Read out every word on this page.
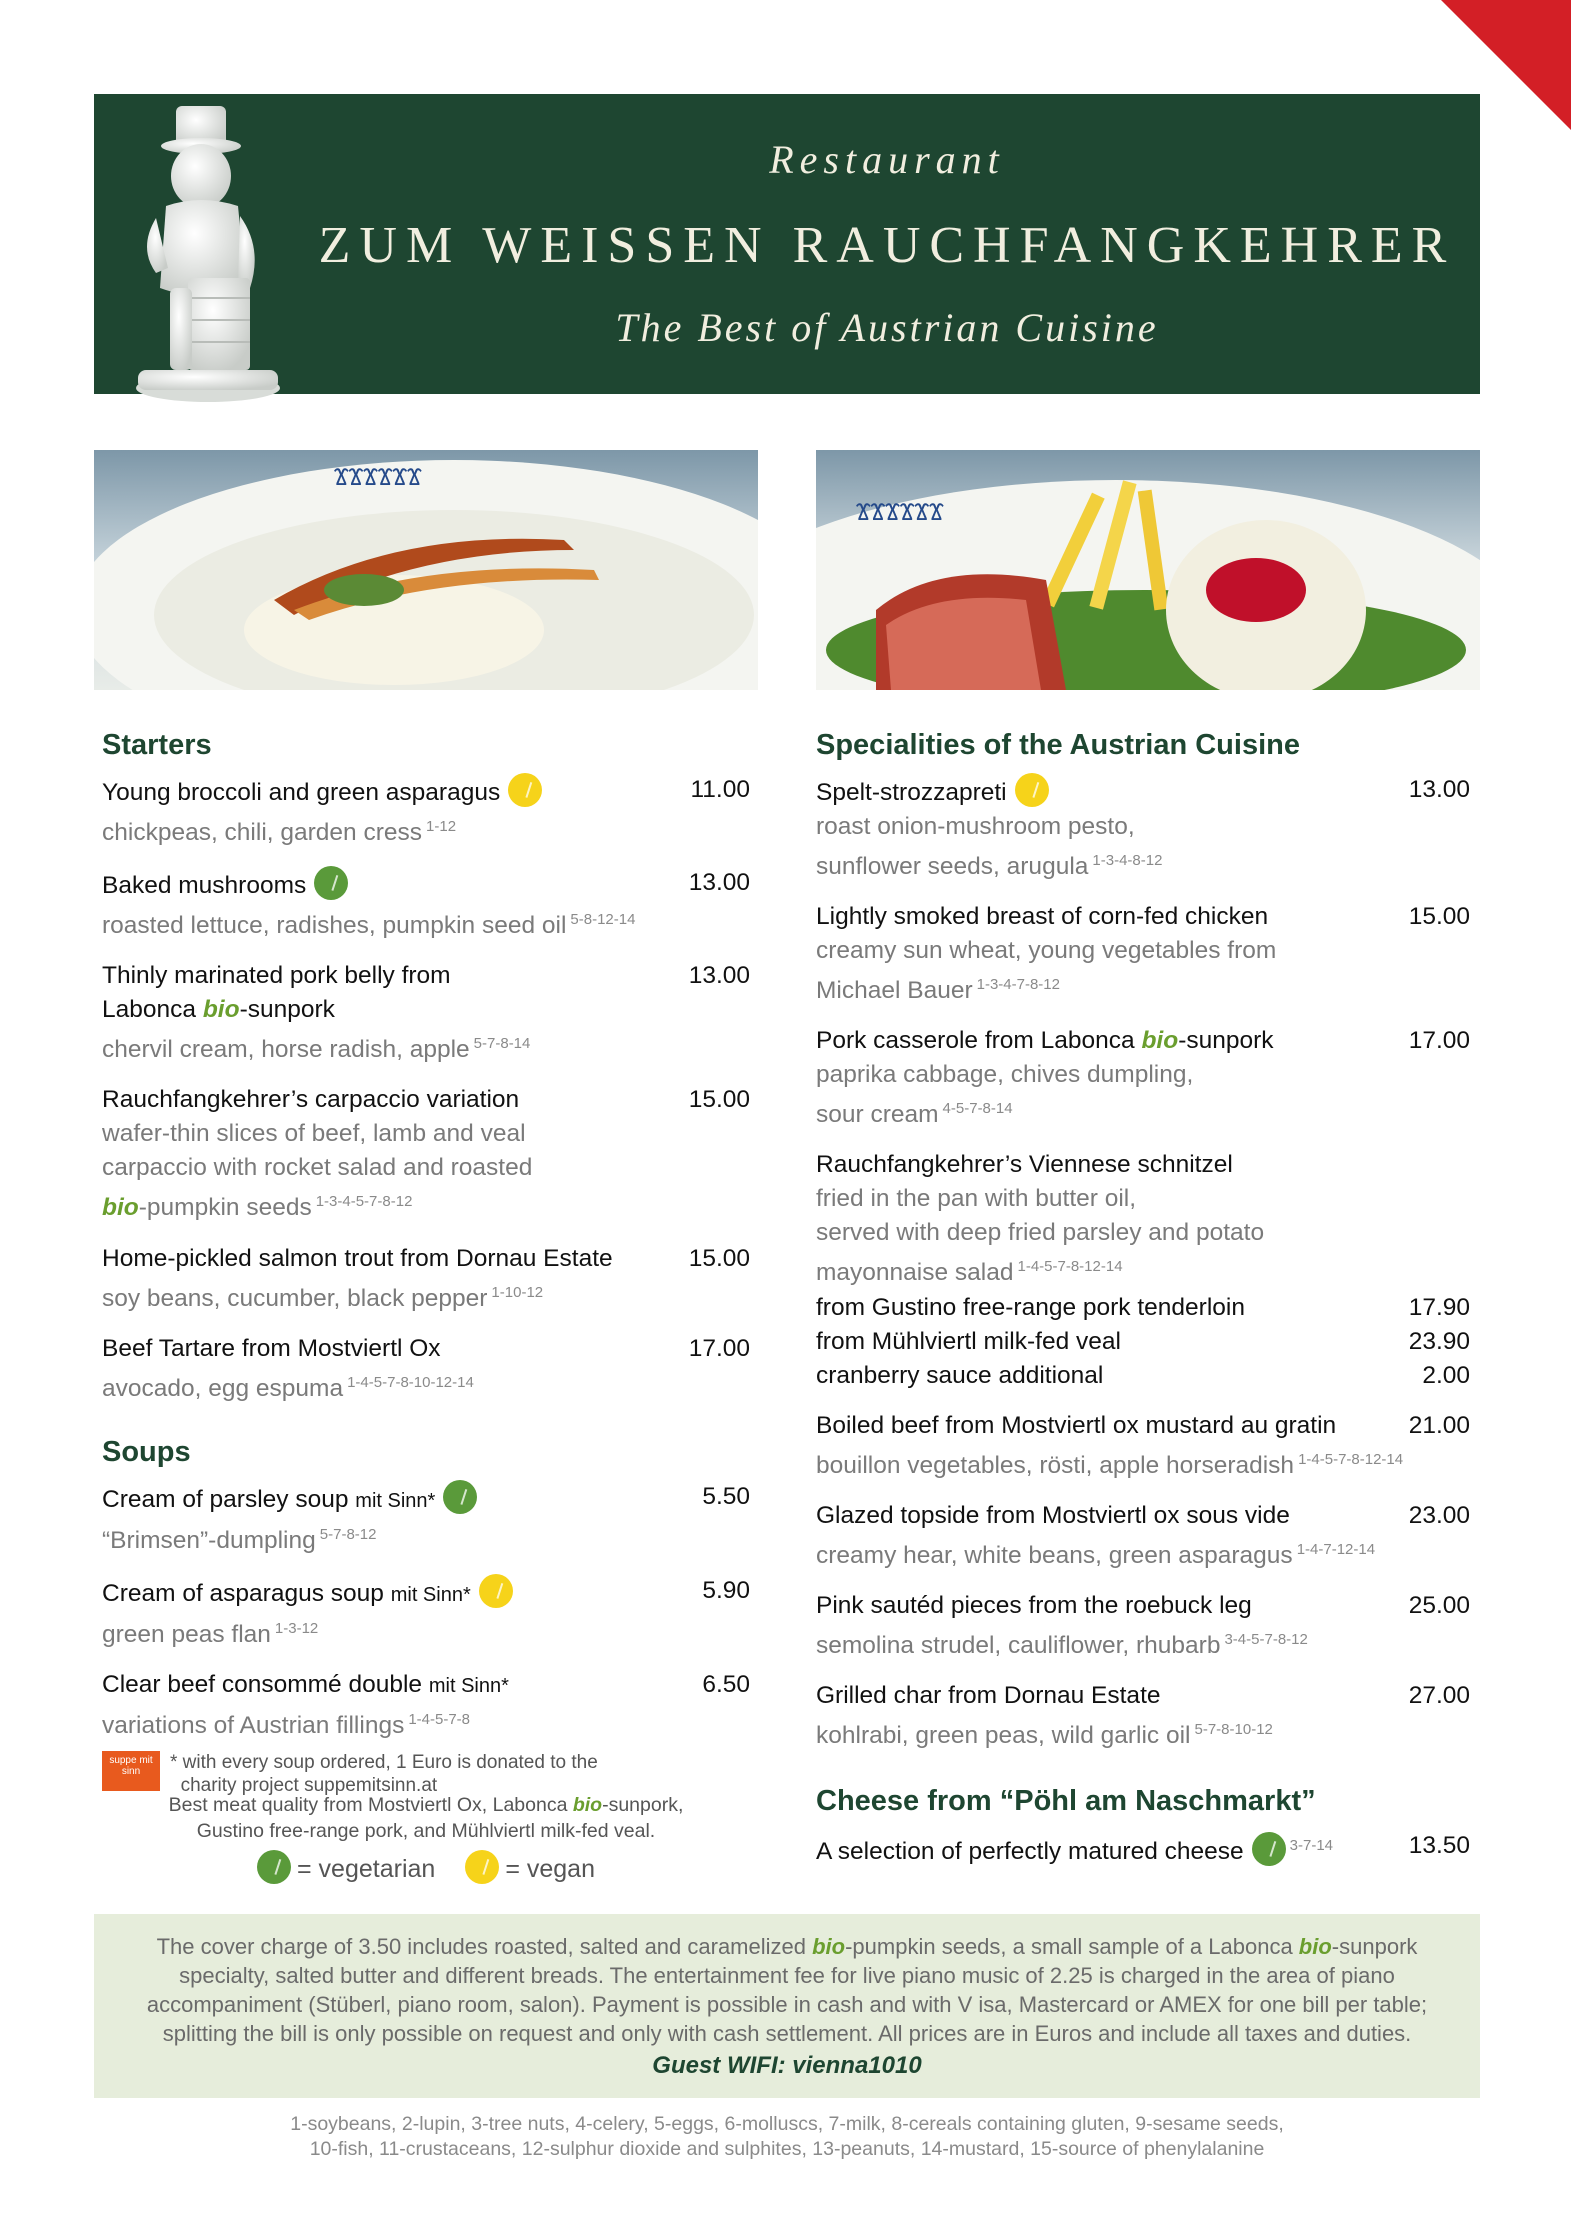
Restaurant
ZUM WEISSEN RAUCHFANGKEHRER
The Best of Austrian Cuisine
ϪϪϪϪϪϪ
ϪϪϪϪϪϪ
Starters
Young broccoli and green asparagus	11.00
chickpeas, chili, garden cress $^{1-12}$
Baked mushrooms	13.00
roasted lettuce, radishes, pumpkin seed oil $^{5-8-12-14}$
Thinly marinated pork belly from
Labonca bio-sunpork
13.00
chervil cream, horse radish, apple $^{5-7-8-14}$
Rauchfangkehrer’s carpaccio variation	15.00
wafer-thin slices of beef, lamb and veal
carpaccio with rocket salad and roasted
bio-pumpkin seeds $^{1-3-4-5-7-8-12}$
Home-pickled salmon trout from Dornau Estate	15.00
soy beans, cucumber, black pepper $^{1-10-12}$
Beef Tartare from Mostviertl Ox	17.00
avocado, egg espuma $^{1-4-5-7-8-10-12-14}$
Soups
Cream of parsley soup mit Sinn*	5.50
“Brimsen”-dumpling $^{5-7-8-12}$
Cream of asparagus soup mit Sinn*	5.90
green peas flan $^{1-3-12}$
Clear beef consommé double mit Sinn*	6.50
variations of Austrian fillings $^{1-4-5-7-8}$
suppe mit sinn	* with every soup ordered, 1 Euro is donated to the
charity project suppemitsinn.at
Best meat quality from Mostviertl Ox, Labonca bio-sunpork,
Gustino free-range pork, and Mühlviertl milk-fed veal.
= vegetarian	= vegan
Specialities of the Austrian Cuisine
Spelt-strozzapreti	13.00
roast onion-mushroom pesto,
sunflower seeds, arugula $^{1-3-4-8-12}$
Lightly smoked breast of corn-fed chicken	15.00
creamy sun wheat, young vegetables from
Michael Bauer $^{1-3-4-7-8-12}$
Pork casserole from Labonca bio-sunpork	17.00
paprika cabbage, chives dumpling,
sour cream $^{4-5-7-8-14}$
Rauchfangkehrer’s Viennese schnitzel
fried in the pan with butter oil,
served with deep fried parsley and potato
mayonnaise salad $^{1-4-5-7-8-12-14}$
from Gustino free-range pork tenderloin	17.90
from Mühlviertl milk-fed veal	23.90
cranberry sauce additional	2.00
Boiled beef from Mostviertl ox mustard au gratin	21.00
bouillon vegetables, rösti, apple horseradish $^{1-4-5-7-8-12-14}$
Glazed topside from Mostviertl ox sous vide	23.00
creamy hear, white beans, green asparagus $^{1-4-7-12-14}$
Pink sautéd pieces from the roebuck leg	25.00
semolina strudel, cauliflower, rhubarb $^{3-4-5-7-8-12}$
Grilled char from Dornau Estate	27.00
kohlrabi, green peas, wild garlic oil $^{5-7-8-10-12}$
Cheese from “Pöhl am Naschmarkt”
A selection of perfectly matured cheese	$^{3-7-14}$	13.50
The cover charge of 3.50 includes roasted, salted and caramelized bio-pumpkin seeds, a small sample of a Labonca bio-sunpork
specialty, salted butter and different breads. The entertainment fee for live piano music of 2.25 is charged in the area of piano
accompaniment (Stüberl, piano room, salon). Payment is possible in cash and with V isa, Mastercard or AMEX for one bill per table;
splitting the bill is only possible on request and only with cash settlement. All prices are in Euros and include all taxes and duties.
Guest WIFI: vienna1010
1-soybeans, 2-lupin, 3-tree nuts, 4-celery, 5-eggs, 6-molluscs, 7-milk, 8-cereals containing gluten, 9-sesame seeds,
10-fish, 11-crustaceans, 12-sulphur dioxide and sulphites, 13-peanuts, 14-mustard, 15-source of phenylalanine
